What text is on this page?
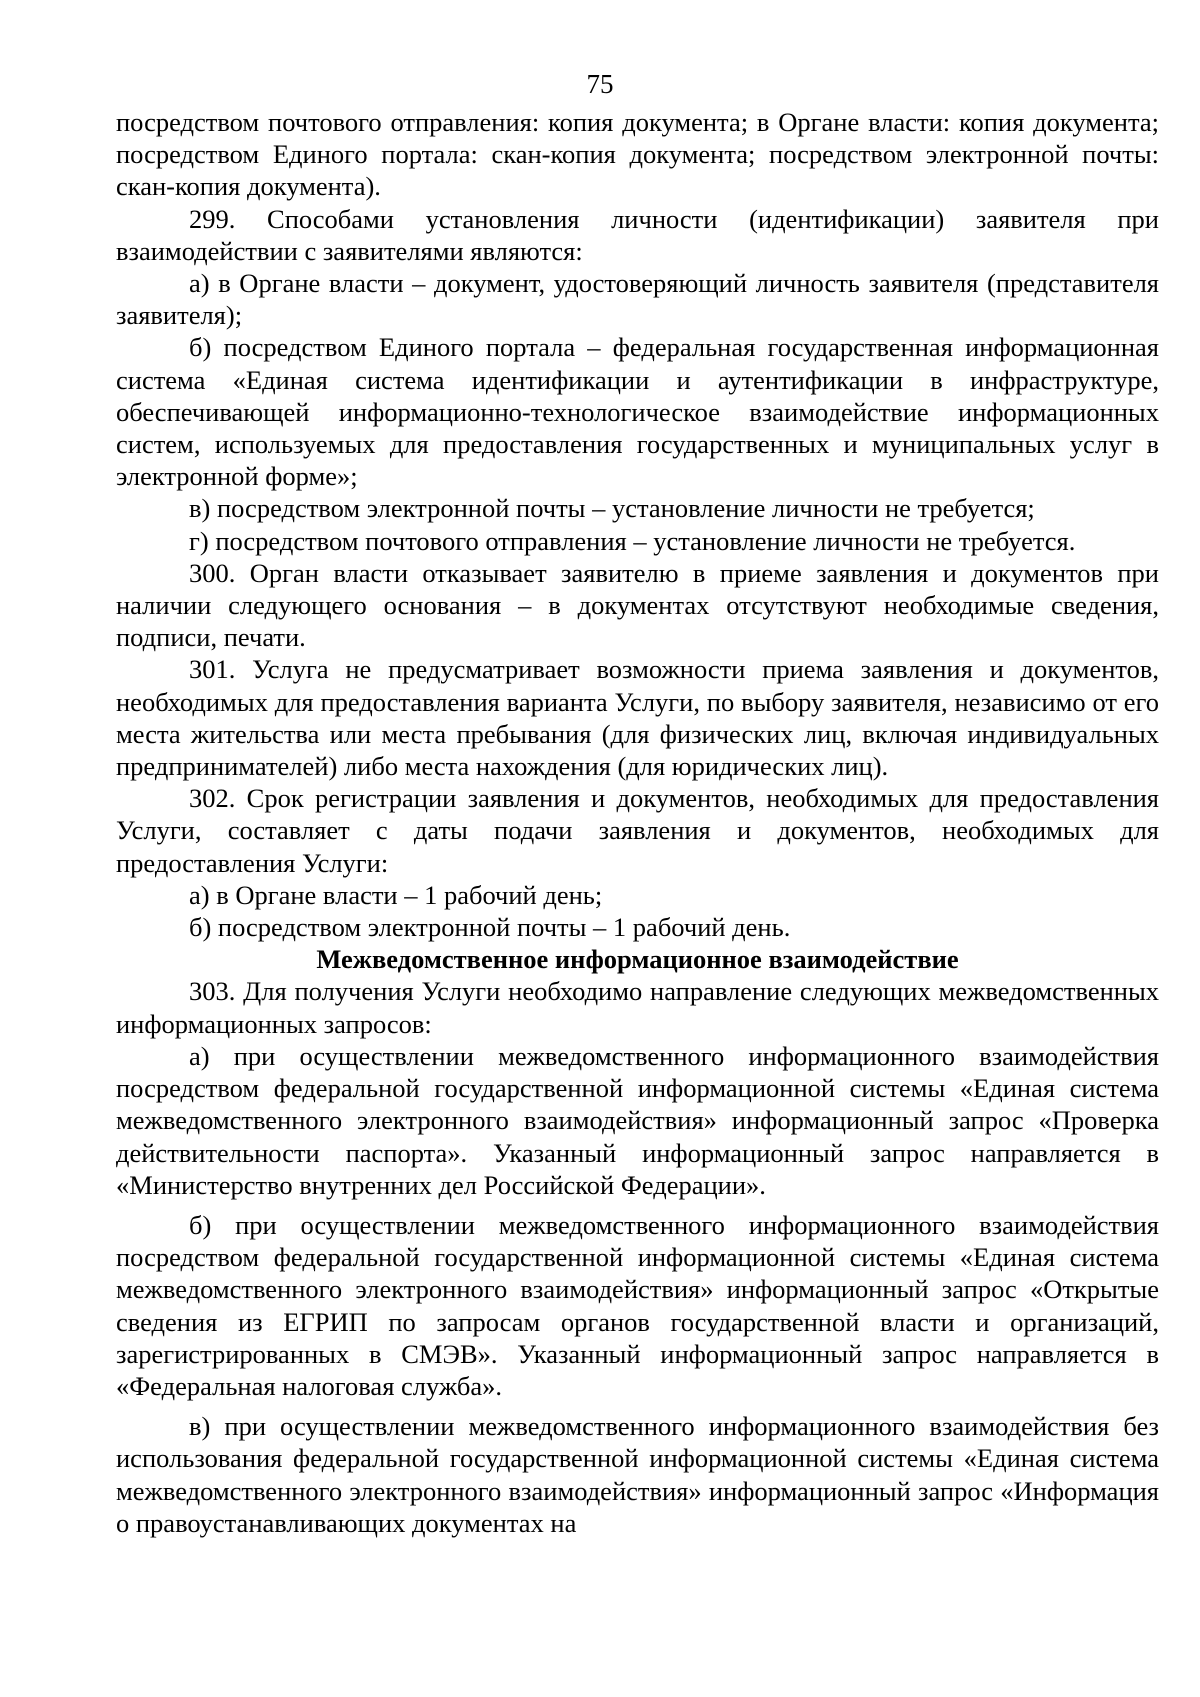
75

посредством почтового отправления: копия документа; в Органе власти: копия документа; посредством Единого портала: скан-копия документа; посредством электронной почты: скан-копия документа).

299. Способами установления личности (идентификации) заявителя при взаимодействии с заявителями являются:

а) в Органе власти – документ, удостоверяющий личность заявителя (представителя заявителя);

б) посредством Единого портала – федеральная государственная информационная система «Единая система идентификации и аутентификации в инфраструктуре, обеспечивающей информационно-технологическое взаимодействие информационных систем, используемых для предоставления государственных и муниципальных услуг в электронной форме»;

в) посредством электронной почты – установление личности не требуется;

г) посредством почтового отправления – установление личности не требуется.

300. Орган власти отказывает заявителю в приеме заявления и документов при наличии следующего основания – в документах отсутствуют необходимые сведения, подписи, печати.

301. Услуга не предусматривает возможности приема заявления и документов, необходимых для предоставления варианта Услуги, по выбору заявителя, независимо от его места жительства или места пребывания (для физических лиц, включая индивидуальных предпринимателей) либо места нахождения (для юридических лиц).

302. Срок регистрации заявления и документов, необходимых для предоставления Услуги, составляет с даты подачи заявления и документов, необходимых для предоставления Услуги:

а) в Органе власти – 1 рабочий день;

б) посредством электронной почты – 1 рабочий день.

Межведомственное информационное взаимодействие

303. Для получения Услуги необходимо направление следующих межведомственных информационных запросов:

а) при осуществлении межведомственного информационного взаимодействия посредством федеральной государственной информационной системы «Единая система межведомственного электронного взаимодействия» информационный запрос «Проверка действительности паспорта». Указанный информационный запрос направляется в «Министерство внутренних дел Российской Федерации».

б) при осуществлении межведомственного информационного взаимодействия посредством федеральной государственной информационной системы «Единая система межведомственного электронного взаимодействия» информационный запрос «Открытые сведения из ЕГРИП по запросам органов государственной власти и организаций, зарегистрированных в СМЭВ». Указанный информационный запрос направляется в «Федеральная налоговая служба».

в) при осуществлении межведомственного информационного взаимодействия без использования федеральной государственной информационной системы «Единая система межведомственного электронного взаимодействия» информационный запрос «Информация о правоустанавливающих документах на
